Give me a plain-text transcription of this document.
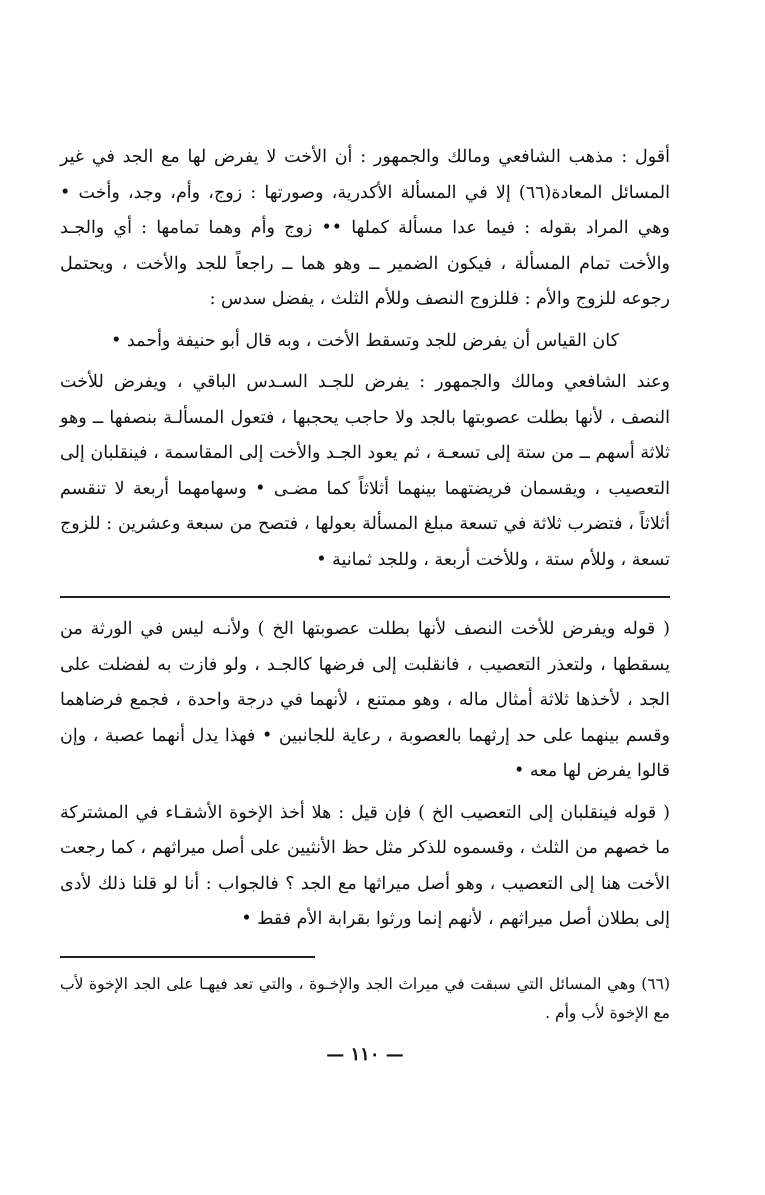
أقول : مذهب الشافعي ومالك والجمهور : أن الأخت لا يفرض لها مع الجد في غير المسائل المعادة(٦٦) إلا في المسألة الأكدرية، وصورتها : زوج، وأم، وجد، وأخت • وهي المراد بقوله : فيما عدا مسألة كملها •• زوج وأم وهما تمامها : أي والجـد والأخت تمام المسألة ، فيكون الضمير ــ وهو هما ــ راجعاً للجد والأخت ، ويحتمل رجوعه للزوج والأم : فللزوج النصف وللأم الثلث ، يفضل سدس :

كان القياس أن يفرض للجد وتسقط الأخت ، وبه قال أبو حنيفة وأحمد •

وعند الشافعي ومالك والجمهور : يفرض للجـد السـدس الباقي ، ويفرض للأخت النصف ، لأنها بطلت عصوبتها بالجد ولا حاجب يحجبها ، فتعول المسألـة بنصفها ــ وهو ثلاثة أسهم ــ من ستة إلى تسعـة ، ثم يعود الجـد والأخت إلى المقاسمة ، فينقلبان إلى التعصيب ، ويقسمان فريضتهما بينهما أثلاثاً كما مضـى • وسهامهما أربعة لا تنقسم أثلاثاً ، فتضرب ثلاثة في تسعة مبلغ المسألة بعولها ، فتصح من سبعة وعشرين : للزوج تسعة ، وللأم ستة ، وللأخت أربعة ، وللجد ثمانية •

( قوله ويفرض للأخت النصف لأنها بطلت عصوبتها الخ ) ولأنـه ليس في الورثة من يسقطها ، ولتعذر التعصيب ، فانقلبت إلى فرضها كالجـد ، ولو فازت به لفضلت على الجد ، لأخذها ثلاثة أمثال ماله ، وهو ممتنع ، لأنهما في درجة واحدة ، فجمع فرضاهما وقسم بينهما على حد إرثهما بالعصوبة ، رعاية للجانبين • فهذا يدل أنهما عصبة ، وإن قالوا يفرض لها معه •

( قوله فينقلبان إلى التعصيب الخ ) فإن قيل : هلا أخذ الإخوة الأشقـاء في المشتركة ما خصهم من الثلث ، وقسموه للذكر مثل حظ الأنثيين على أصل ميراثهم ، كما رجعت الأخت هنا إلى التعصيب ، وهو أصل ميراثها مع الجد ؟ فالجواب : أنا لو قلنا ذلك لأدى إلى بطلان أصل ميراثهم ، لأنهم إنما ورثوا بقرابة الأم فقط •

(٦٦) وهي المسائل التي سبقت في ميراث الجد والإخـوة ، والتي تعد فيهـا على الجد الإخوة لأب مع الإخوة لأب وأم .

— ١١٠ —
